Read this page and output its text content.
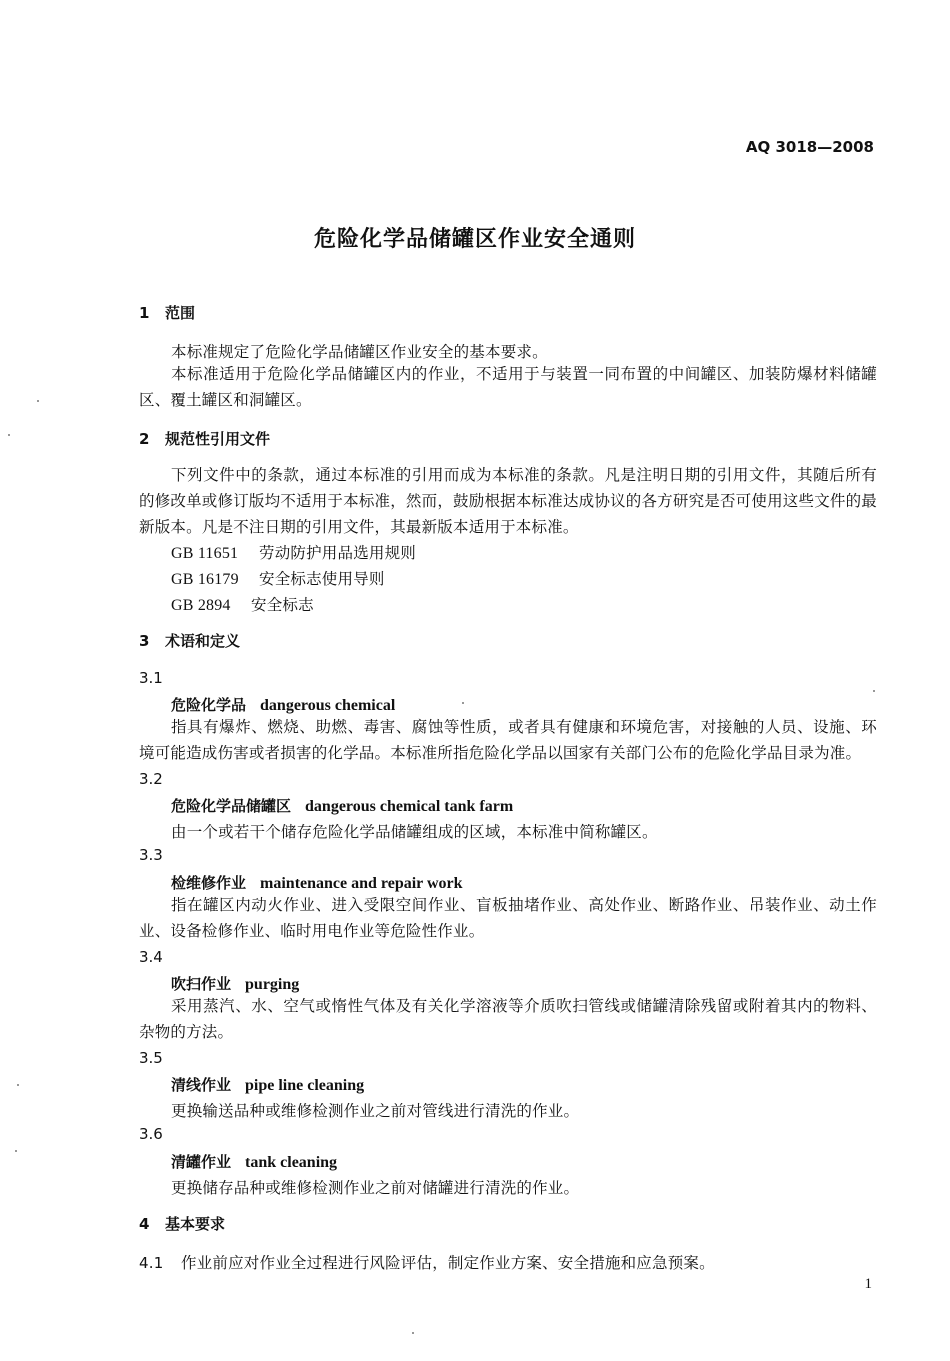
AQ 3018—2008
危险化学品储罐区作业安全通则
1 范围
本标准规定了危险化学品储罐区作业安全的基本要求。
本标准适用于危险化学品储罐区内的作业，不适用于与装置一同布置的中间罐区、加装防爆材料储罐区、覆土罐区和洞罐区。
2 规范性引用文件
下列文件中的条款，通过本标准的引用而成为本标准的条款。凡是注明日期的引用文件，其随后所有的修改单或修订版均不适用于本标准，然而，鼓励根据本标准达成协议的各方研究是否可使用这些文件的最新版本。凡是不注日期的引用文件，其最新版本适用于本标准。
GB 11651 劳动防护用品选用规则
GB 16179 安全标志使用导则
GB 2894 安全标志
3 术语和定义
3.1
危险化学品 dangerous chemical
指具有爆炸、燃烧、助燃、毒害、腐蚀等性质，或者具有健康和环境危害，对接触的人员、设施、环境可能造成伤害或者损害的化学品。本标准所指危险化学品以国家有关部门公布的危险化学品目录为准。
3.2
危险化学品储罐区 dangerous chemical tank farm
由一个或若干个储存危险化学品储罐组成的区域，本标准中简称罐区。
3.3
检维修作业 maintenance and repair work
指在罐区内动火作业、进入受限空间作业、盲板抽堵作业、高处作业、断路作业、吊装作业、动土作业、设备检修作业、临时用电作业等危险性作业。
3.4
吹扫作业 purging
采用蒸汽、水、空气或惰性气体及有关化学溶液等介质吹扫管线或储罐清除残留或附着其内的物料、杂物的方法。
3.5
清线作业 pipe line cleaning
更换输送品种或维修检测作业之前对管线进行清洗的作业。
3.6
清罐作业 tank cleaning
更换储存品种或维修检测作业之前对储罐进行清洗的作业。
4 基本要求
4.1 作业前应对作业全过程进行风险评估，制定作业方案、安全措施和应急预案。
1
